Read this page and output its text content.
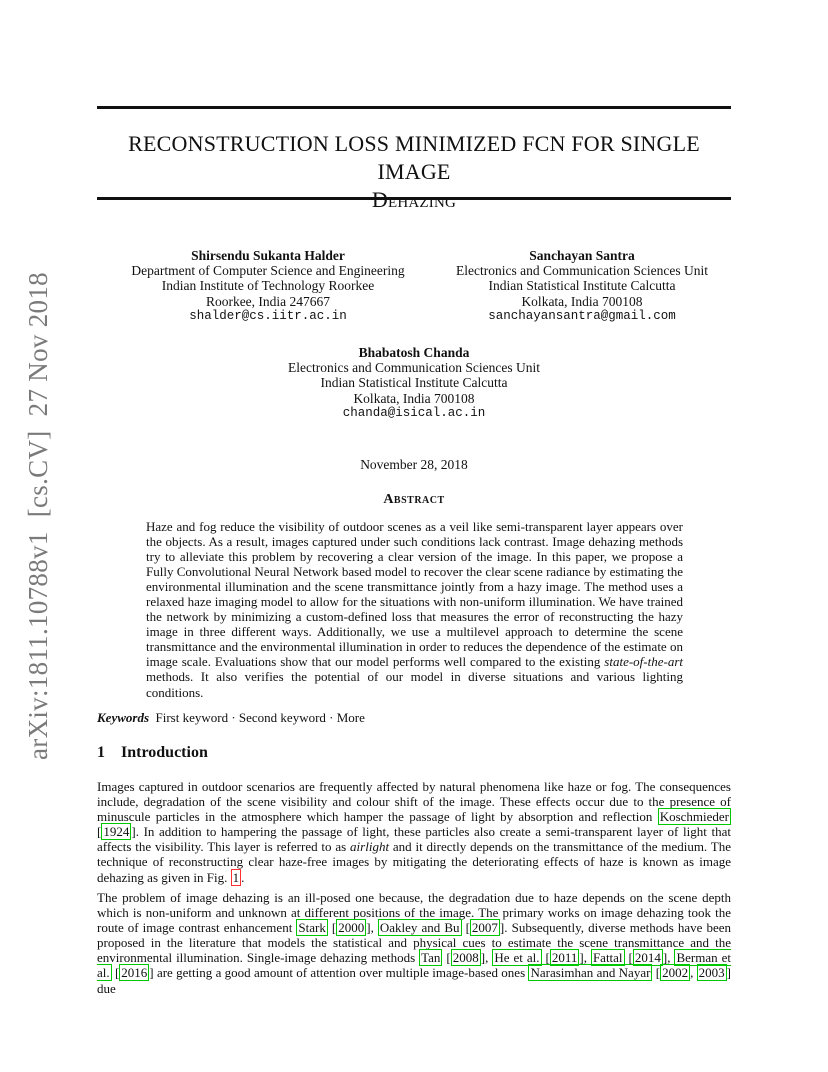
RECONSTRUCTION LOSS MINIMIZED FCN FOR SINGLE IMAGE
arXiv:1811.10788v1  [cs.CV]  27 Nov 2018
Shirsendu Sukanta Halder
Department of Computer Science and Engineering
Indian Institute of Technology Roorkee
Roorkee, India 247667
shalder@cs.iitr.ac.in
Sanchayan Santra
Electronics and Communication Sciences Unit
Indian Statistical Institute Calcutta
Kolkata, India 700108
sanchayansantra@gmail.com
Bhabatosh Chanda
Electronics and Communication Sciences Unit
Indian Statistical Institute Calcutta
Kolkata, India 700108
chanda@isical.ac.in
November 28, 2018
Abstract
Haze and fog reduce the visibility of outdoor scenes as a veil like semi-transparent layer appears over the objects. As a result, images captured under such conditions lack contrast. Image dehazing methods try to alleviate this problem by recovering a clear version of the image. In this paper, we propose a Fully Convolutional Neural Network based model to recover the clear scene radiance by estimating the environmental illumination and the scene transmittance jointly from a hazy image. The method uses a relaxed haze imaging model to allow for the situations with non-uniform illumination. We have trained the network by minimizing a custom-defined loss that measures the error of reconstructing the hazy image in three different ways. Additionally, we use a multilevel approach to determine the scene transmittance and the environmental illumination in order to reduces the dependence of the estimate on image scale. Evaluations show that our model performs well compared to the existing state-of-the-art methods. It also verifies the potential of our model in diverse situations and various lighting conditions.
Keywords First keyword · Second keyword · More
1 Introduction
Images captured in outdoor scenarios are frequently affected by natural phenomena like haze or fog. The consequences include, degradation of the scene visibility and colour shift of the image. These effects occur due to the presence of minuscule particles in the atmosphere which hamper the passage of light by absorption and reflection Koschmieder [ 1924 ]. In addition to hampering the passage of light, these particles also create a semi-transparent layer of light that affects the visibility. This layer is referred to as airlight and it directly depends on the transmittance of the medium. The technique of reconstructing clear haze-free images by mitigating the deteriorating effects of haze is known as image dehazing as given in Fig. 1 .
The problem of image dehazing is an ill-posed one because, the degradation due to haze depends on the scene depth which is non-uniform and unknown at different positions of the image. The primary works on image dehazing took the route of image contrast enhancement Stark [ 2000 ], Oakley and Bu [ 2007 ]. Subsequently, diverse methods have been proposed in the literature that models the statistical and physical cues to estimate the scene transmittance and the environmental illumination. Single-image dehazing methods Tan [ 2008 ], He et al. [ 2011 ], Fattal [ 2014 ], Berman et al. [ 2016 ] are getting a good amount of attention over multiple image-based ones Narasimhan and Nayar [ 2002 , 2003 ] due
